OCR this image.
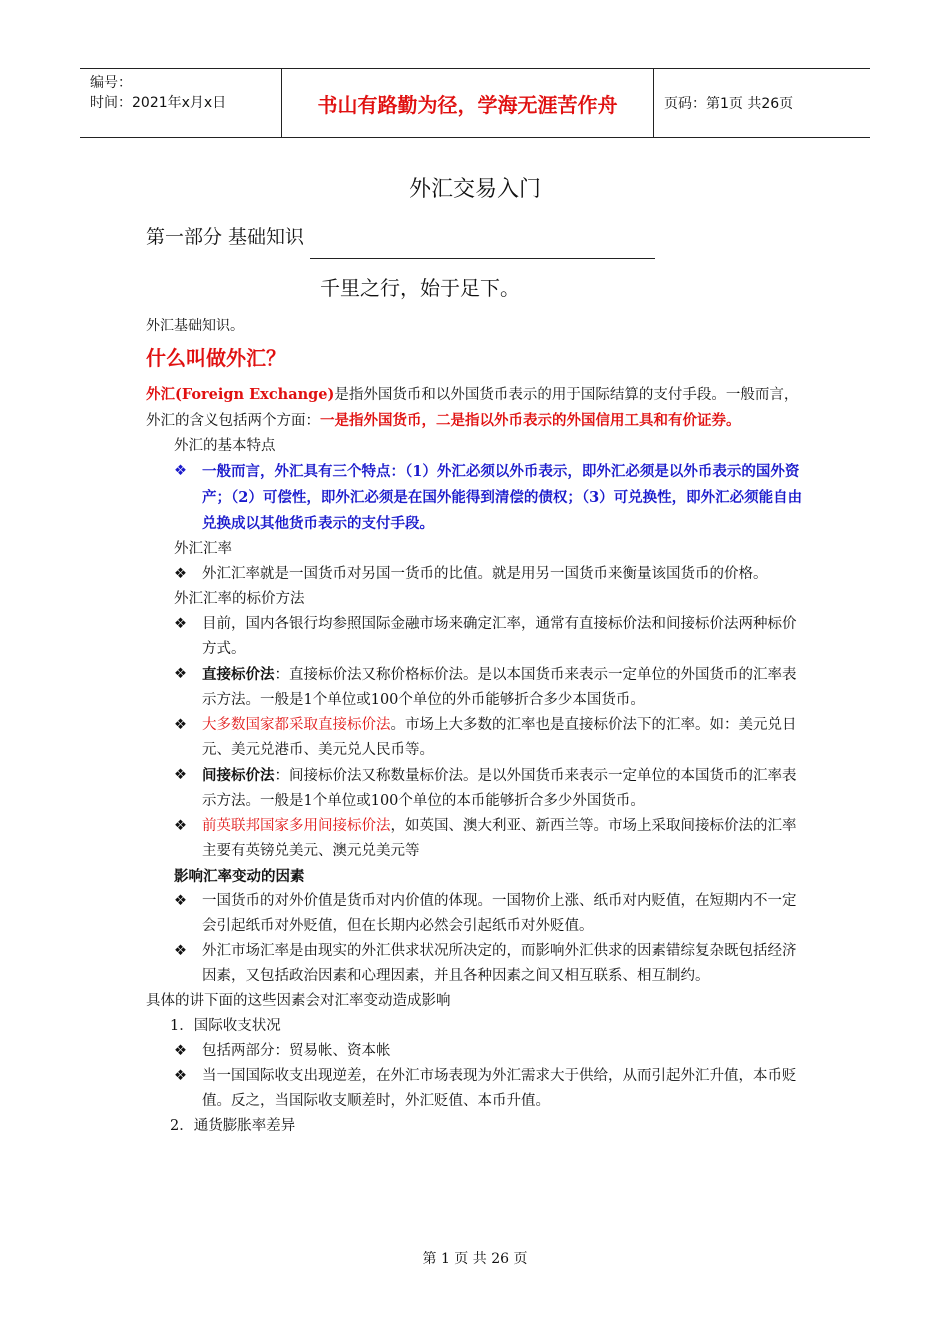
编号：
时间：2021年x月x日	书山有路勤为径，学海无涯苦作舟	页码：第1页 共26页
外汇交易入门
第一部分 基础知识
千里之行，始于足下。
外汇基础知识。
什么叫做外汇？
外汇(Foreign Exchange)是指外国货币和以外国货币表示的用于国际结算的支付手段。一般而言，外汇的含义包括两个方面：一是指外国货币，二是指以外币表示的外国信用工具和有价证券。
外汇的基本特点
❖	一般而言，外汇具有三个特点：（1）外汇必须以外币表示，即外汇必须是以外币表示的国外资产；（2）可偿性，即外汇必须是在国外能得到清偿的债权；（3）可兑换性，即外汇必须能自由兑换成以其他货币表示的支付手段。
外汇汇率
❖	外汇汇率就是一国货币对另国一货币的比值。就是用另一国货币来衡量该国货币的价格。
外汇汇率的标价方法
❖	目前，国内各银行均参照国际金融市场来确定汇率，通常有直接标价法和间接标价法两种标价方式。
❖	直接标价法：直接标价法又称价格标价法。是以本国货币来表示一定单位的外国货币的汇率表示方法。一般是1个单位或100个单位的外币能够折合多少本国货币。
❖	大多数国家都采取直接标价法。市场上大多数的汇率也是直接标价法下的汇率。如：美元兑日元、美元兑港币、美元兑人民币等。
❖	间接标价法：间接标价法又称数量标价法。是以外国货币来表示一定单位的本国货币的汇率表示方法。一般是1个单位或100个单位的本币能够折合多少外国货币。
❖	前英联邦国家多用间接标价法，如英国、澳大利亚、新西兰等。市场上采取间接标价法的汇率主要有英镑兑美元、澳元兑美元等
影响汇率变动的因素
❖	一国货币的对外价值是货币对内价值的体现。一国物价上涨、纸币对内贬值，在短期内不一定会引起纸币对外贬值，但在长期内必然会引起纸币对外贬值。
❖	外汇市场汇率是由现实的外汇供求状况所决定的，而影响外汇供求的因素错综复杂既包括经济因素，又包括政治因素和心理因素，并且各种因素之间又相互联系、相互制约。
具体的讲下面的这些因素会对汇率变动造成影响
1．国际收支状况
❖	包括两部分：贸易帐、资本帐
❖	当一国国际收支出现逆差，在外汇市场表现为外汇需求大于供给，从而引起外汇升值，本币贬值。反之，当国际收支顺差时，外汇贬值、本币升值。
2．通货膨胀率差异
第 1 页 共 26 页
